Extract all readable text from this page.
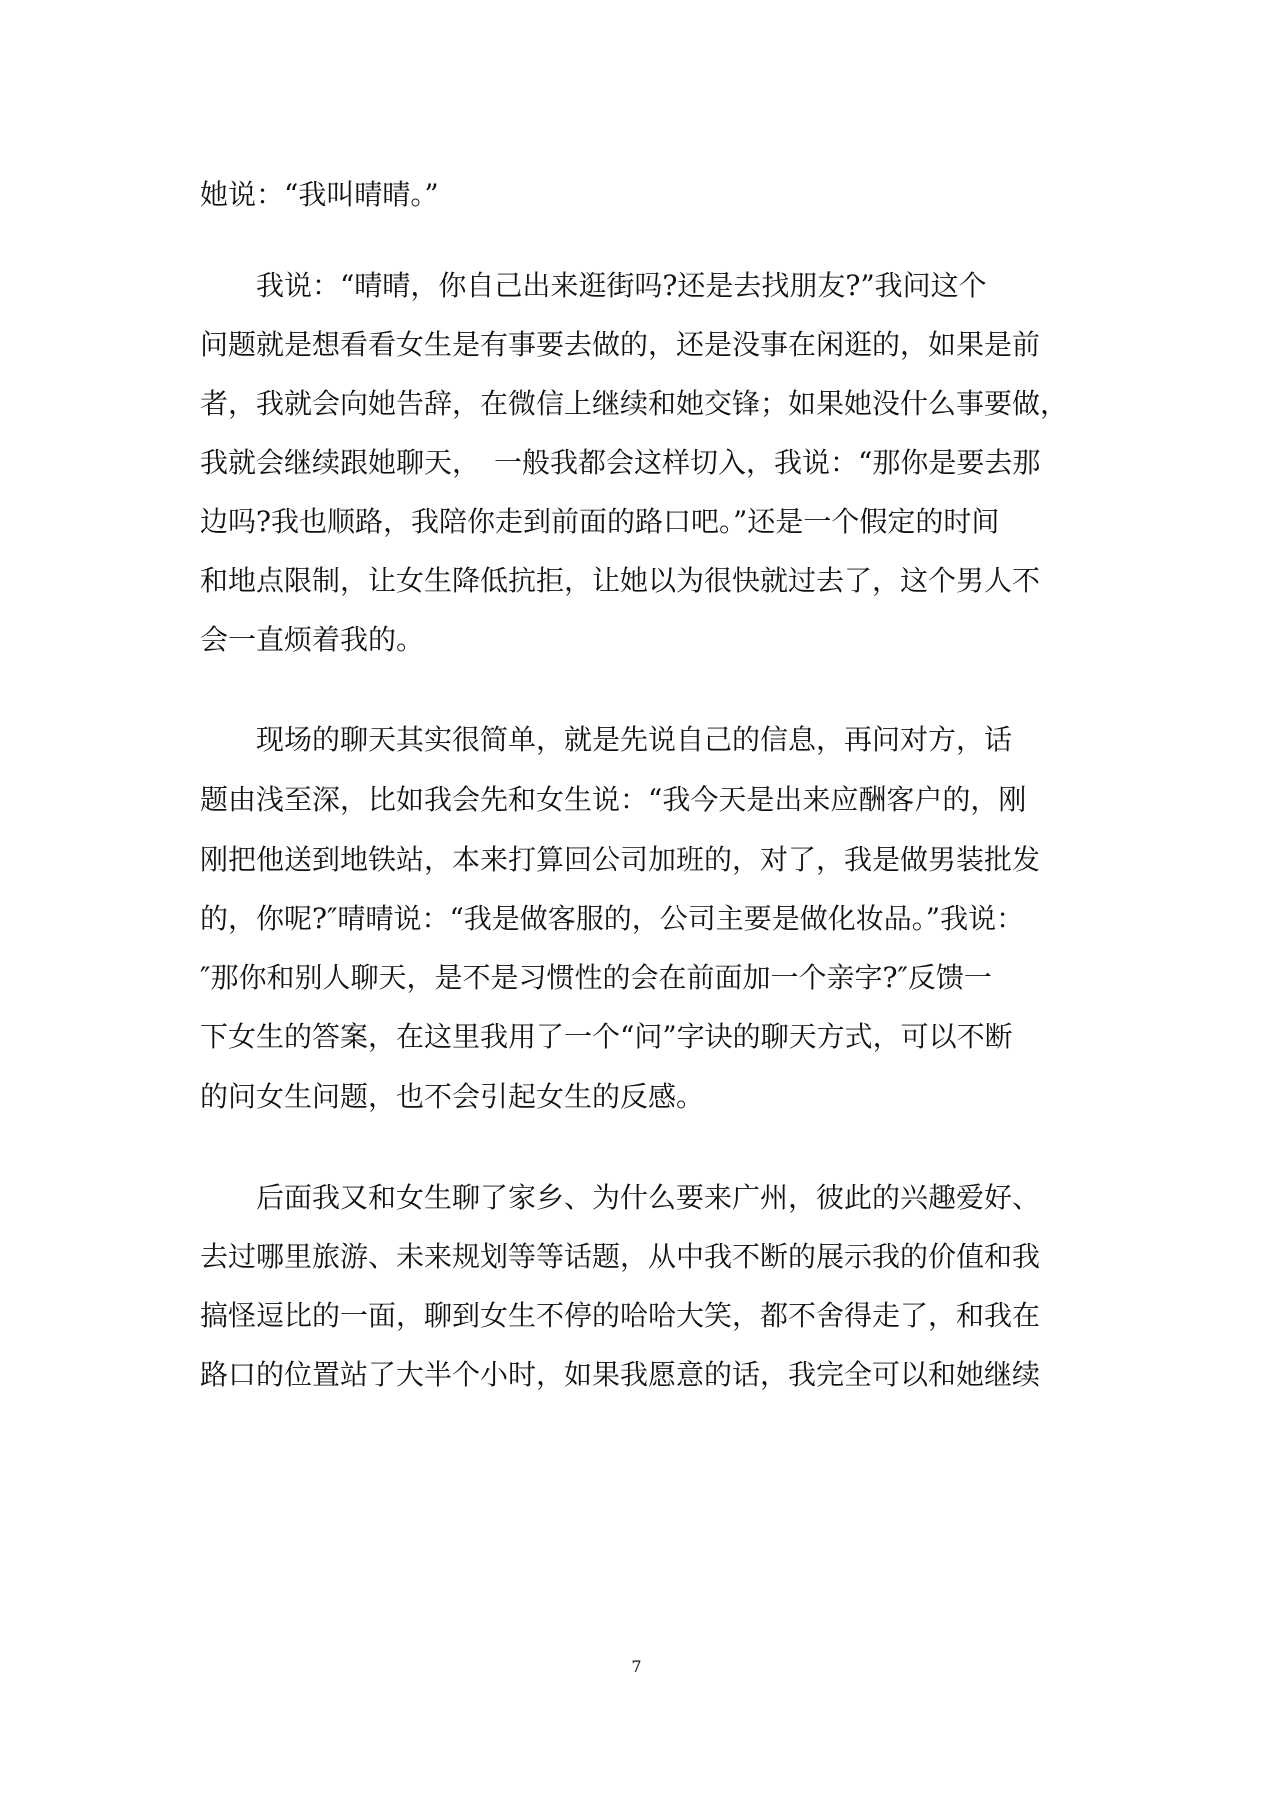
她说：“我叫晴晴。”
　　我说：“晴晴，你自己出来逛街吗?还是去找朋友?”我问这个
问题就是想看看女生是有事要去做的，还是没事在闲逛的，如果是前
者，我就会向她告辞，在微信上继续和她交锋；如果她没什么事要做，
我就会继续跟她聊天，　一般我都会这样切入，我说：“那你是要去那
边吗?我也顺路，我陪你走到前面的路口吧。”还是一个假定的时间
和地点限制，让女生降低抗拒，让她以为很快就过去了，这个男人不
会一直烦着我的。
　　现场的聊天其实很简单，就是先说自己的信息，再问对方，话
题由浅至深，比如我会先和女生说：“我今天是出来应酬客户的，刚
刚把他送到地铁站，本来打算回公司加班的，对了，我是做男装批发
的，你呢?″晴晴说：“我是做客服的，公司主要是做化妆品。”我说：
″那你和别人聊天，是不是习惯性的会在前面加一个亲字?″反馈一
下女生的答案，在这里我用了一个“问”字诀的聊天方式，可以不断
的问女生问题，也不会引起女生的反感。
　　后面我又和女生聊了家乡、为什么要来广州，彼此的兴趣爱好、
去过哪里旅游、未来规划等等话题，从中我不断的展示我的价值和我
搞怪逗比的一面，聊到女生不停的哈哈大笑，都不舍得走了，和我在
路口的位置站了大半个小时，如果我愿意的话，我完全可以和她继续
7
